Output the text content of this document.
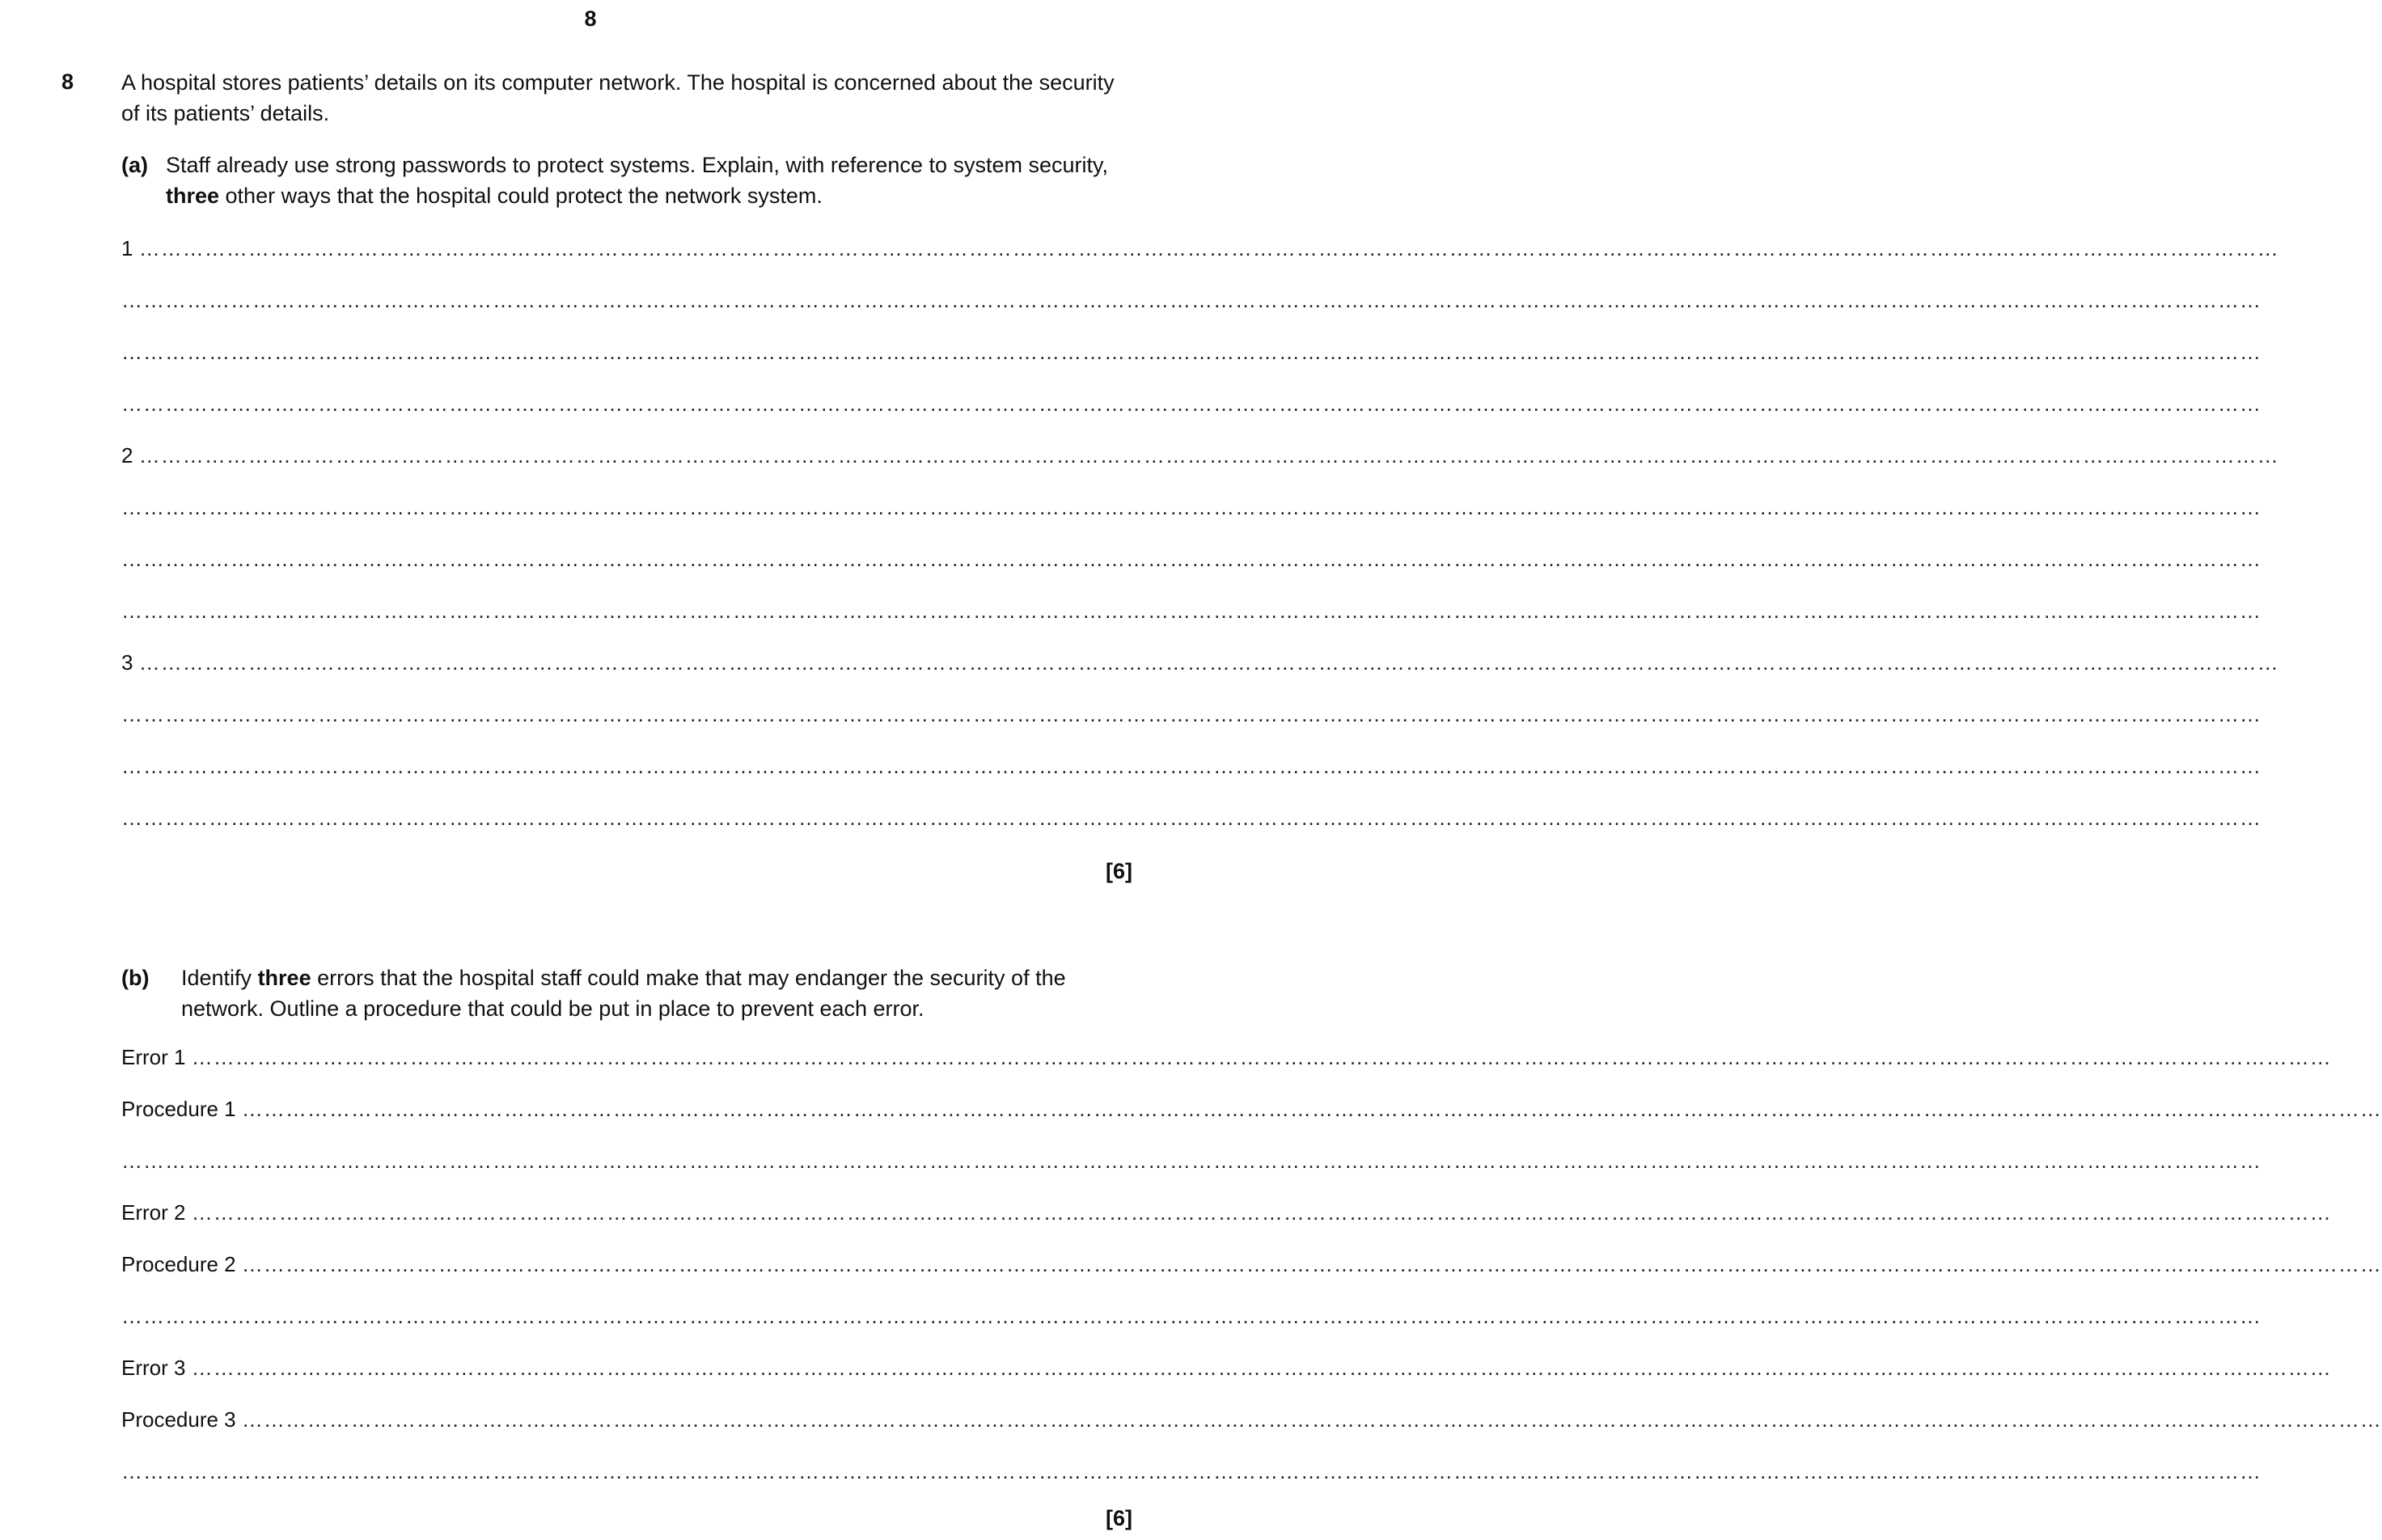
8
8 A hospital stores patients’ details on its computer network. The hospital is concerned about the security of its patients’ details.
(a) Staff already use strong passwords to protect systems. Explain, with reference to system security, three other ways that the hospital could protect the network system.
1
……………………………………………………………………………………………………………………………………………………………………………………………………………………………………………………………………
……………………………………………………………………………………………………………………………………………………………………………………………………………………………………………………………………
……………………………………………………………………………………………………………………………………………………………………………………………………………………………………………………………………
……………………………………………………………………………………………………………………………………………………………………………………………………………………………………………………………………
2
……………………………………………………………………………………………………………………………………………………………………………………………………………………………………………………………………
……………………………………………………………………………………………………………………………………………………………………………………………………………………………………………………………………
……………………………………………………………………………………………………………………………………………………………………………………………………………………………………………………………………
……………………………………………………………………………………………………………………………………………………………………………………………………………………………………………………………………
3
……………………………………………………………………………………………………………………………………………………………………………………………………………………………………………………………………
……………………………………………………………………………………………………………………………………………………………………………………………………………………………………………………………………
……………………………………………………………………………………………………………………………………………………………………………………………………………………………………………………………………
……………………………………………………………………………………………………………………………………………………………………………………………………………………………………………………………………
[6]
(b) Identify three errors that the hospital staff could make that may endanger the security of the network. Outline a procedure that could be put in place to prevent each error.
Error 1
……………………………………………………………………………………………………………………………………………………………………………………………………………………………………………………………………
Procedure 1
……………………………………………………………………………………………………………………………………………………………………………………………………………………………………………………………………
……………………………………………………………………………………………………………………………………………………………………………………………………………………………………………………………………
Error 2
……………………………………………………………………………………………………………………………………………………………………………………………………………………………………………………………………
Procedure 2
……………………………………………………………………………………………………………………………………………………………………………………………………………………………………………………………………
……………………………………………………………………………………………………………………………………………………………………………………………………………………………………………………………………
Error 3
……………………………………………………………………………………………………………………………………………………………………………………………………………………………………………………………………
Procedure 3
……………………………………………………………………………………………………………………………………………………………………………………………………………………………………………………………………
……………………………………………………………………………………………………………………………………………………………………………………………………………………………………………………………………
[6]
